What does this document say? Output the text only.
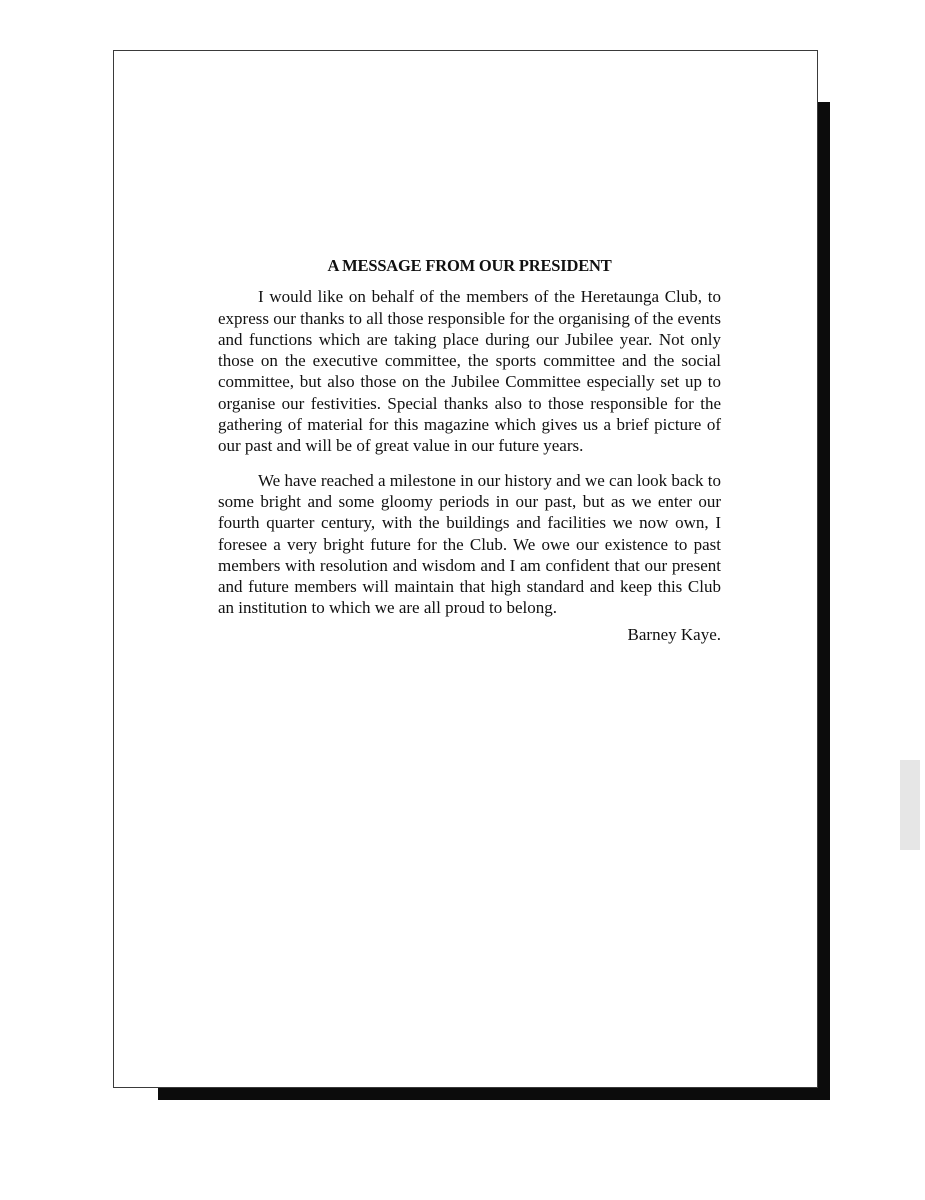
A MESSAGE FROM OUR PRESIDENT

I would like on behalf of the members of the Heretaunga Club, to express our thanks to all those responsible for the organising of the events and functions which are taking place during our Jubilee year. Not only those on the executive committee, the sports committee and the social committee, but also those on the Jubilee Committee especially set up to organise our festivities. Special thanks also to those responsible for the gathering of material for this magazine which gives us a brief picture of our past and will be of great value in our future years.

We have reached a milestone in our history and we can look back to some bright and some gloomy periods in our past, but as we enter our fourth quarter century, with the buildings and facilities we now own, I foresee a very bright future for the Club. We owe our existence to past members with resolution and wisdom and I am confident that our present and future members will maintain that high standard and keep this Club an institution to which we are all proud to belong.

Barney Kaye.
